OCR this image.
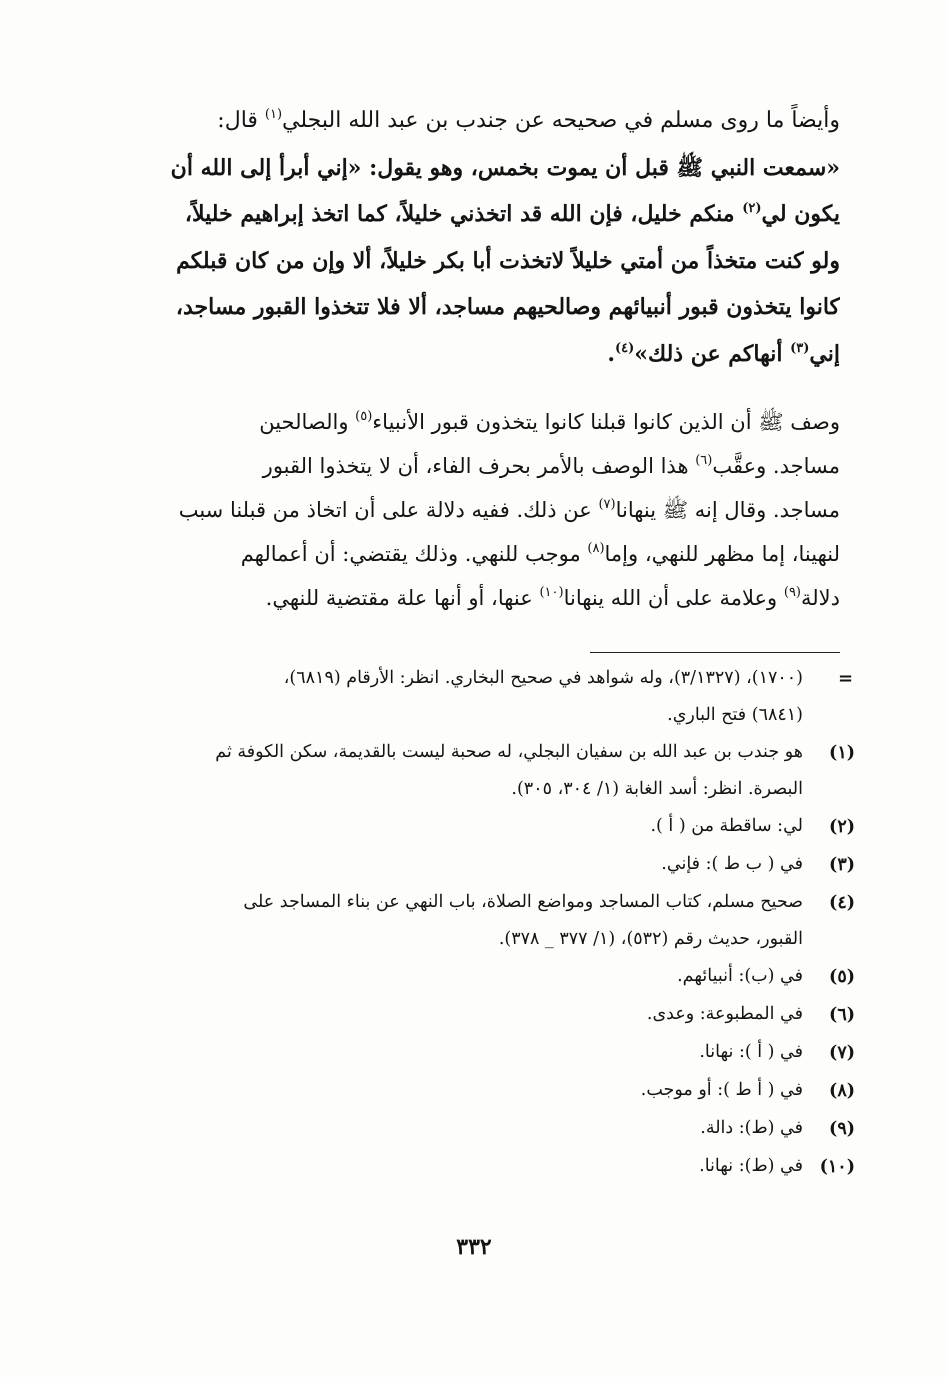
وأيضاً ما روى مسلم في صحيحه عن جندب بن عبد الله البجلي$^{(١)}$ قال:
«سمعت النبي ﷺ قبل أن يموت بخمس، وهو يقول: «إني أبرأ إلى الله أن
يكون لي$^{(٢)}$ منكم خليل، فإن الله قد اتخذني خليلاً، كما اتخذ إبراهيم خليلاً،
ولو كنت متخذاً من أمتي خليلاً لاتخذت أبا بكر خليلاً، ألا وإن من كان قبلكم
كانوا يتخذون قبور أنبيائهم وصالحيهم مساجد، ألا فلا تتخذوا القبور مساجد،
إني$^{(٣)}$ أنهاكم عن ذلك»$^{(٤)}$.
وصف ﷺ أن الذين كانوا قبلنا كانوا يتخذون قبور الأنبياء$^{(٥)}$ والصالحين
مساجد. وعقَّب$^{(٦)}$ هذا الوصف بالأمر بحرف الفاء، أن لا يتخذوا القبور
مساجد. وقال إنه ﷺ ينهانا$^{(٧)}$ عن ذلك. ففيه دلالة على أن اتخاذ من قبلنا سبب
لنهينا، إما مظهر للنهي، وإما$^{(٨)}$ موجب للنهي. وذلك يقتضي: أن أعمالهم
دلالة$^{(٩)}$ وعلامة على أن الله ينهانا$^{(١٠)}$ عنها، أو أنها علة مقتضية للنهي.
=
(١٧٠٠)، (٣/١٣٢٧)، وله شواهد في صحيح البخاري. انظر: الأرقام (٦٨١٩)،
(٦٨٤١) فتح الباري.
(١)
هو جندب بن عبد الله بن سفيان البجلي، له صحبة ليست بالقديمة، سكن الكوفة ثم
البصرة. انظر: أسد الغابة (١/ ٣٠٤، ٣٠٥).
(٢)
لي: ساقطة من ( أ ).
(٣)
في ( ب ط ): فإني.
(٤)
صحيح مسلم، كتاب المساجد ومواضع الصلاة، باب النهي عن بناء المساجد على
القبور، حديث رقم (٥٣٢)، (١/ ٣٧٧ _ ٣٧٨).
(٥)
في (ب): أنبيائهم.
(٦)
في المطبوعة: وعدى.
(٧)
في ( أ ): نهانا.
(٨)
في ( أ ط ): أو موجب.
(٩)
في (ط): دالة.
(١٠)
في (ط): نهانا.
٣٣٢
